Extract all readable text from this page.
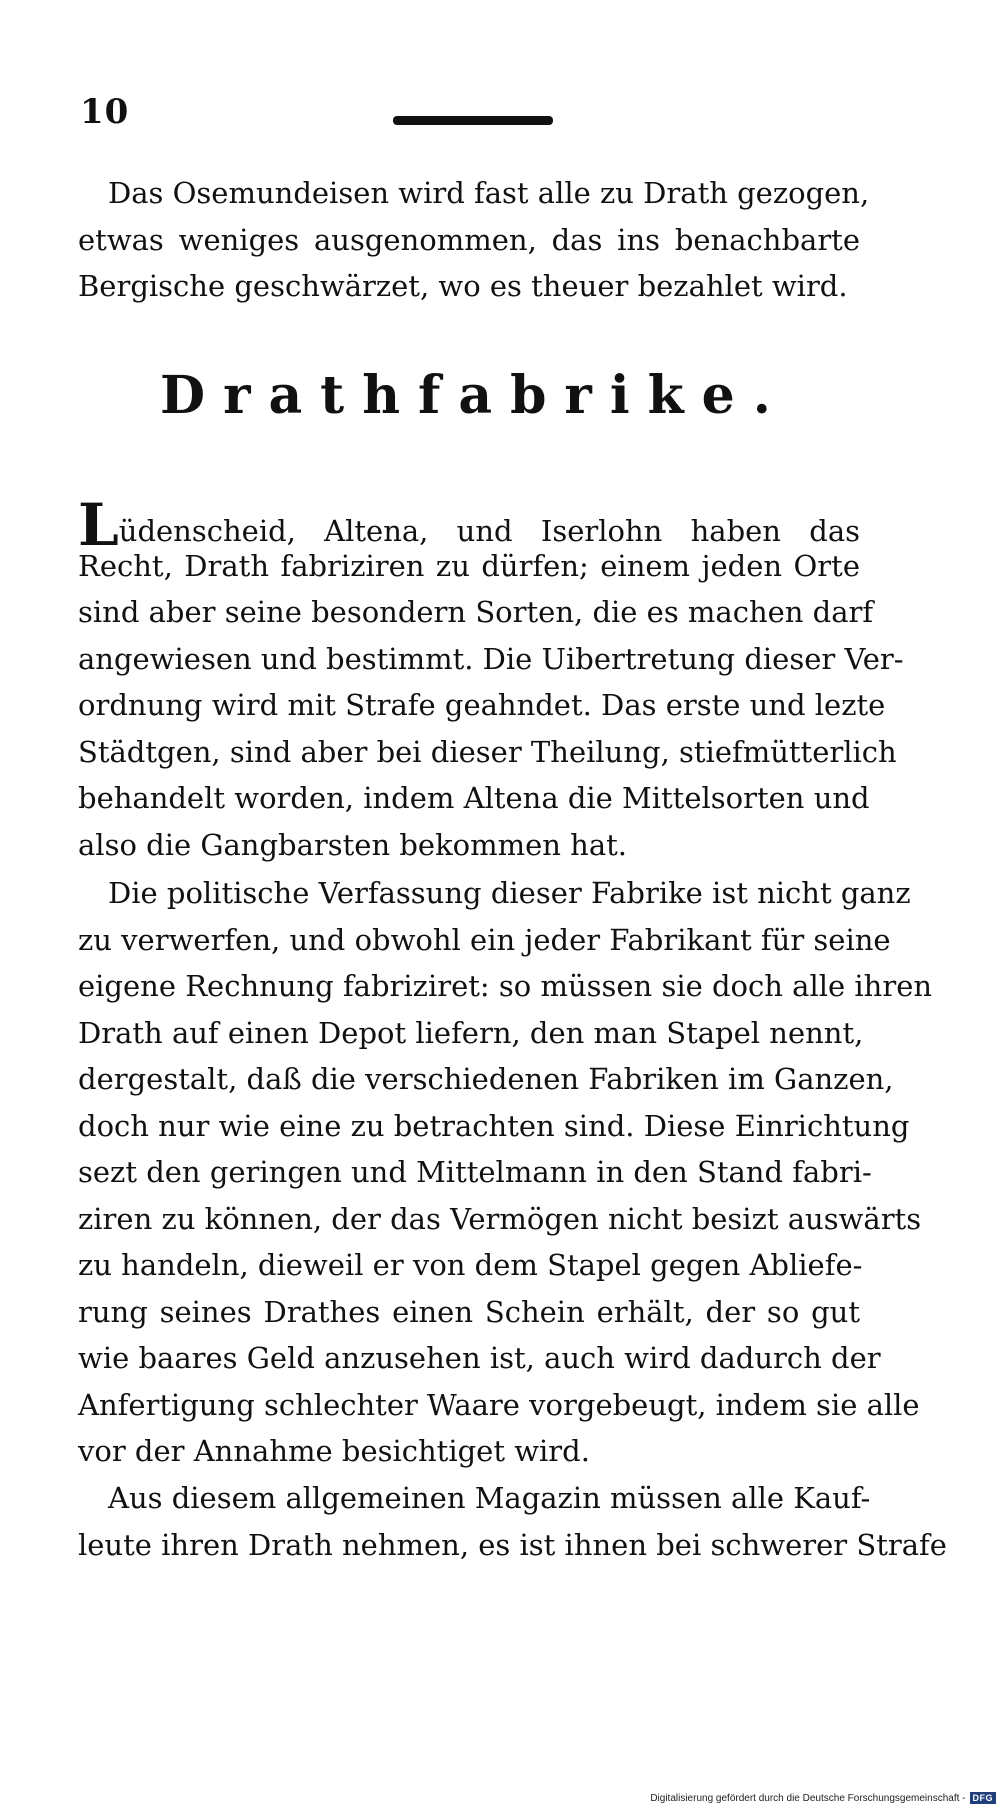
10
Das Osemundeisen wird fast alle zu Drath gezogen,
etwas weniges ausgenommen, das ins benachbarte
Bergische geschwärzet, wo es theuer bezahlet wird.
Drathfabrike.
Lüdenscheid, Altena, und Iserlohn haben das
Recht, Drath fabriziren zu dürfen; einem jeden Orte
sind aber seine besondern Sorten, die es machen darf
angewiesen und bestimmt. Die Uibertretung dieser Ver-
ordnung wird mit Strafe geahndet. Das erste und lezte
Städtgen, sind aber bei dieser Theilung, stiefmütterlich
behandelt worden, indem Altena die Mittelsorten und
also die Gangbarsten bekommen hat.
Die politische Verfassung dieser Fabrike ist nicht ganz
zu verwerfen, und obwohl ein jeder Fabrikant für seine
eigene Rechnung fabriziret: so müssen sie doch alle ihren
Drath auf einen Depot liefern, den man Stapel nennt,
dergestalt, daß die verschiedenen Fabriken im Ganzen,
doch nur wie eine zu betrachten sind. Diese Einrichtung
sezt den geringen und Mittelmann in den Stand fabri-
ziren zu können, der das Vermögen nicht besizt auswärts
zu handeln, dieweil er von dem Stapel gegen Abliefe-
rung seines Drathes einen Schein erhält, der so gut
wie baares Geld anzusehen ist, auch wird dadurch der
Anfertigung schlechter Waare vorgebeugt, indem sie alle
vor der Annahme besichtiget wird.
Aus diesem allgemeinen Magazin müssen alle Kauf-
leute ihren Drath nehmen, es ist ihnen bei schwerer Strafe
Digitalisierung gefördert durch die Deutsche Forschungsgemeinschaft - DFG
